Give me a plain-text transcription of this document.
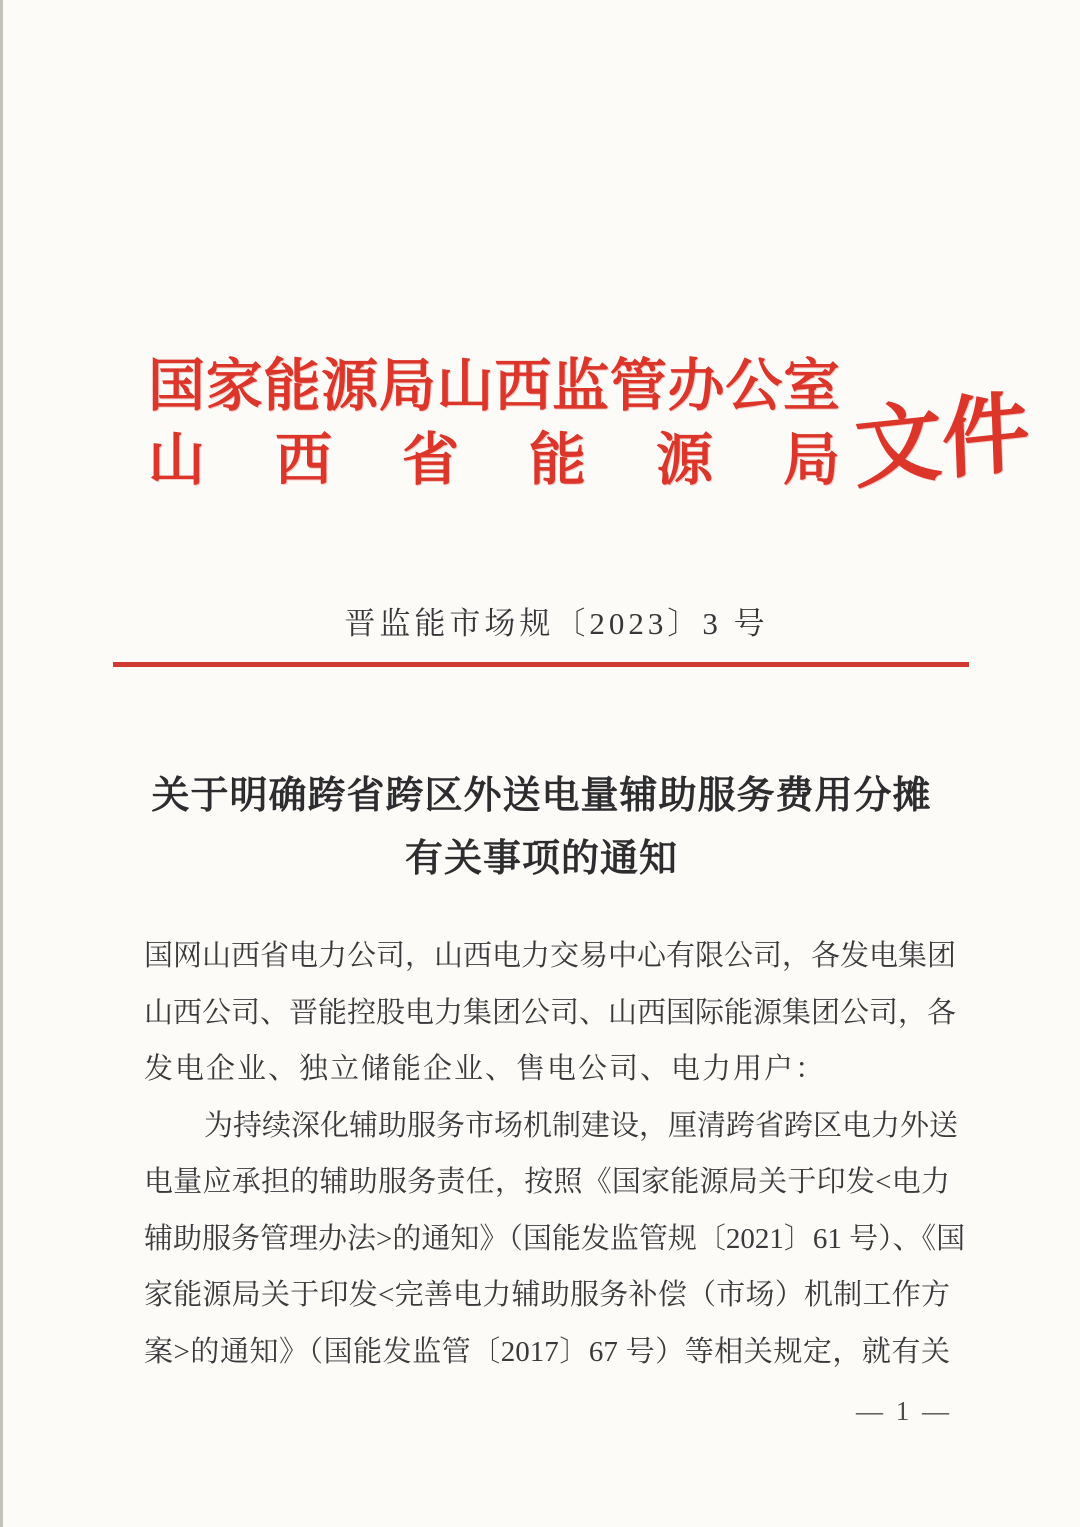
国家能源局山西监管办公室
山西省能源局 文件
晋监能市场规〔2023〕3 号
关于明确跨省跨区外送电量辅助服务费用分摊
有关事项的通知
国网山西省电力公司，山西电力交易中心有限公司，各发电集团
山西公司、晋能控股电力集团公司、山西国际能源集团公司，各
发电企业、独立储能企业、售电公司、电力用户：
为持续深化辅助服务市场机制建设，厘清跨省跨区电力外送
电量应承担的辅助服务责任，按照《国家能源局关于印发<电力
辅助服务管理办法>的通知》（国能发监管规〔2021〕61 号）、《国
家能源局关于印发<完善电力辅助服务补偿（市场）机制工作方
案>的通知》（国能发监管〔2017〕67 号）等相关规定，就有关
— 1 —
